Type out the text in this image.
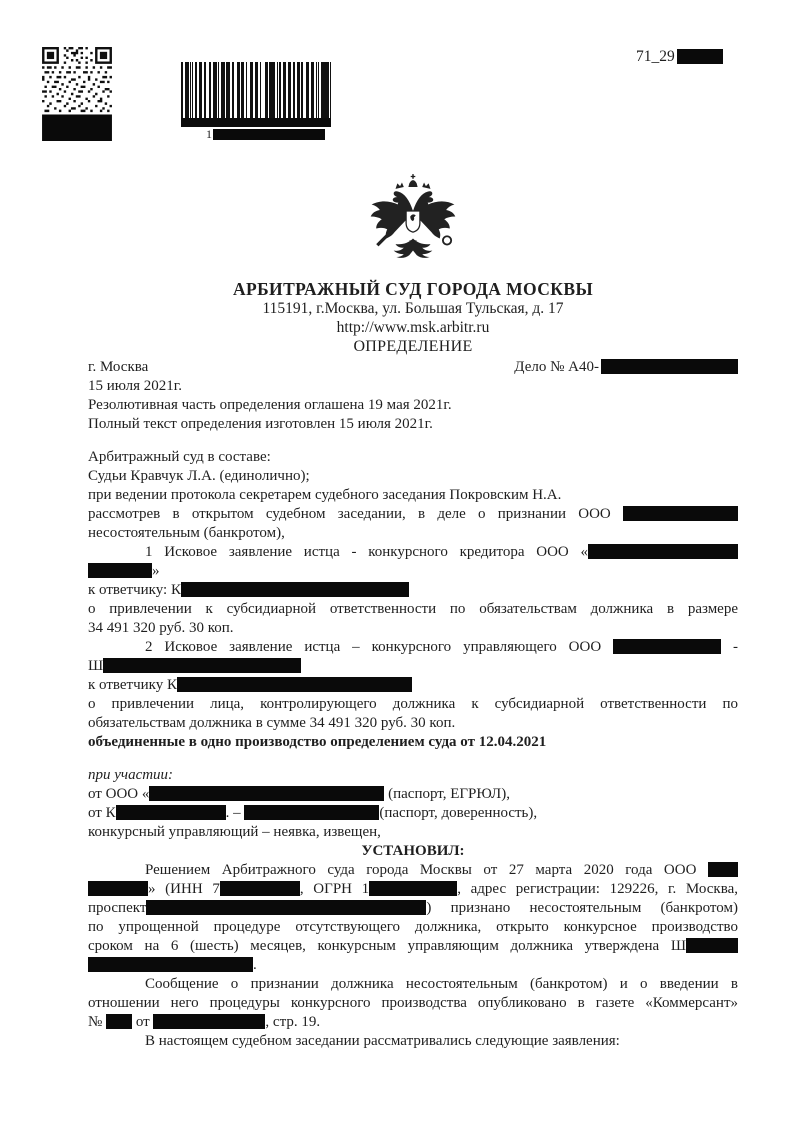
1
71_29
АРБИТРАЖНЫЙ СУД ГОРОДА МОСКВЫ
115191, г.Москва, ул. Большая Тульская, д. 17
http://www.msk.arbitr.ru
ОПРЕДЕЛЕНИЕ
г. Москва	Дело № А40-

15 июля 2021г.

Резолютивная часть определения оглашена 19 мая 2021г.

Полный текст определения изготовлен 15 июля 2021г.

Арбитражный суд в составе:

Судьи Кравчук Л.А. (единолично);

при ведении протокола секретарем судебного заседания Покровским Н.А.

рассмотрев в открытом судебном заседании, в деле о признании ООО

несостоятельным (банкротом),

1 Исковое заявление истца - конкурсного кредитора ООО «

»

к ответчику: К

о привлечении к субсидиарной ответственности по обязательствам должника в размере

34 491 320 руб. 30 коп.

2 Исковое заявление истца – конкурсного управляющего ООО	-

Ш

к ответчику К

о привлечении лица, контролирующего должника к субсидиарной ответственности по

обязательствам должника в сумме 34 491 320 руб. 30 коп.

объединенные в одно производство определением суда от 12.04.2021

при участии:

от ООО «	(паспорт, ЕГРЮЛ),

от К	. –	(паспорт, доверенность),

конкурсный управляющий – неявка, извещен,

УСТАНОВИЛ:

Решением Арбитражного суда города Москвы от 27 марта 2020 года ООО

» (ИНН 7	, ОГРН 1	, адрес регистрации: 129226, г. Москва,

проспект	) признано несостоятельным (банкротом)

по упрощенной процедуре отсутствующего должника, открыто конкурсное производство

сроком на 6 (шесть) месяцев, конкурсным управляющим должника утверждена Ш

.

Сообщение о признании должника несостоятельным (банкротом) и о введении в

отношении него процедуры конкурсного производства опубликовано в газете «Коммерсант»

№  от	, стр. 19.

В настоящем судебном заседании рассматривались следующие заявления:
